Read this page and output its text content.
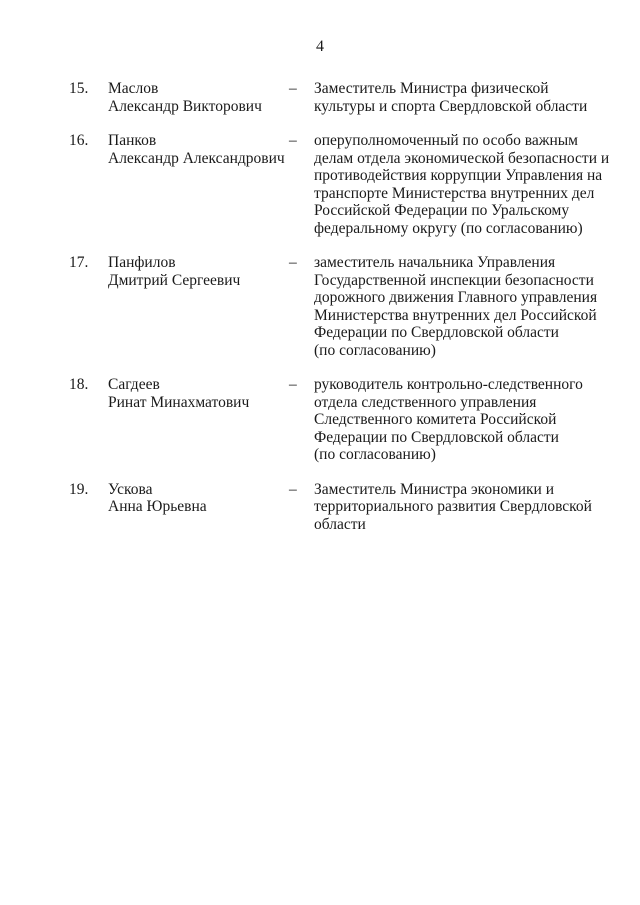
4
15.	Маслов
Александр Викторович
–	Заместитель Министра физической
культуры и спорта Свердловской области
16.	Панков
Александр Александрович
–	оперуполномоченный по особо важным
делам отдела экономической безопасности и
противодействия коррупции Управления на
транспорте Министерства внутренних дел
Российской Федерации по Уральскому
федеральному округу (по согласованию)
17.	Панфилов
Дмитрий Сергеевич
–	заместитель начальника Управления
Государственной инспекции безопасности
дорожного движения Главного управления
Министерства внутренних дел Российской
Федерации по Свердловской области
(по согласованию)
18.	Сагдеев
Ринат Минахматович
–	руководитель контрольно-следственного
отдела следственного управления
Следственного комитета Российской
Федерации по Свердловской области
(по согласованию)
19.	Ускова
Анна Юрьевна
–	Заместитель Министра экономики и
территориального развития Свердловской
области
